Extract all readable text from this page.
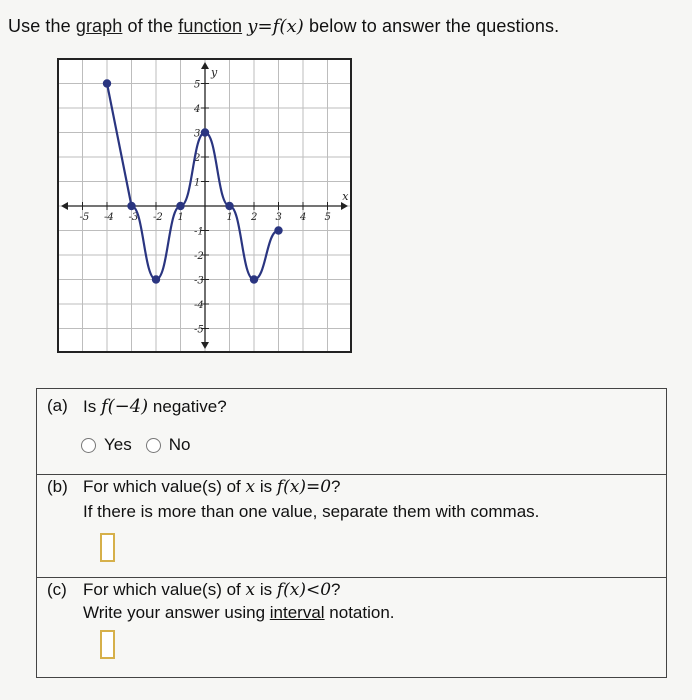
Use the graph of the function y=f(x) below to answer the questions.
-5 -4 -3 -2 1	1 2 3 4 5
5
4
3
2
1
-1
-2
-3
-4
-5
x
y
(a) Is f(−4) negative?
Yes No
(b) For which value(s) of x is f(x)=0?
If there is more than one value, separate them with commas.
(c) For which value(s) of x is f(x)<0?
Write your answer using interval notation.
